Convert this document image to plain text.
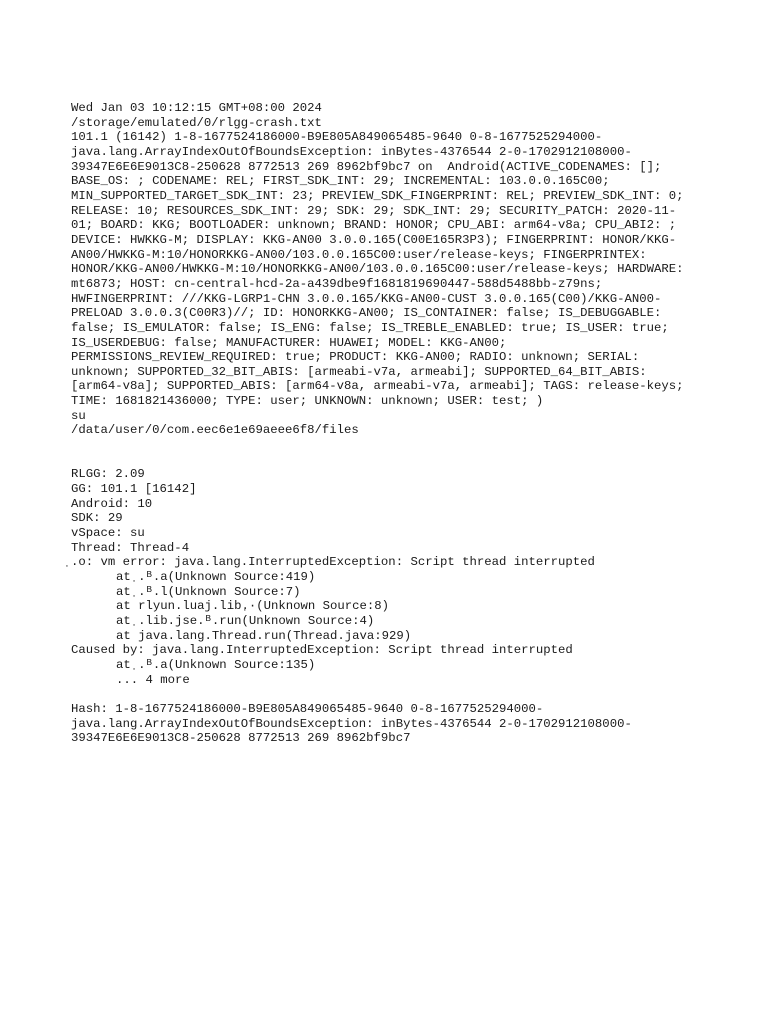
Wed Jan 03 10:12:15 GMT+08:00 2024
/storage/emulated/0/rlgg-crash.txt
101.1 (16142) 1-8-1677524186000-B9E805A849065485-9640 0-8-1677525294000-
java.lang.ArrayIndexOutOfBoundsException: inBytes-4376544 2-0-1702912108000-
39347E6E6E9013C8-250628 8772513 269 8962bf9bc7 on  Android(ACTIVE_CODENAMES: [];
BASE_OS: ; CODENAME: REL; FIRST_SDK_INT: 29; INCREMENTAL: 103.0.0.165C00;
MIN_SUPPORTED_TARGET_SDK_INT: 23; PREVIEW_SDK_FINGERPRINT: REL; PREVIEW_SDK_INT: 0;
RELEASE: 10; RESOURCES_SDK_INT: 29; SDK: 29; SDK_INT: 29; SECURITY_PATCH: 2020-11-
01; BOARD: KKG; BOOTLOADER: unknown; BRAND: HONOR; CPU_ABI: arm64-v8a; CPU_ABI2: ;
DEVICE: HWKKG-M; DISPLAY: KKG-AN00 3.0.0.165(C00E165R3P3); FINGERPRINT: HONOR/KKG-
AN00/HWKKG-M:10/HONORKKG-AN00/103.0.0.165C00:user/release-keys; FINGERPRINTEX:
HONOR/KKG-AN00/HWKKG-M:10/HONORKKG-AN00/103.0.0.165C00:user/release-keys; HARDWARE:
mt6873; HOST: cn-central-hcd-2a-a439dbe9f1681819690447-588d5488bb-z79ns;
HWFINGERPRINT: ///KKG-LGRP1-CHN 3.0.0.165/KKG-AN00-CUST 3.0.0.165(C00)/KKG-AN00-
PRELOAD 3.0.0.3(C00R3)//; ID: HONORKKG-AN00; IS_CONTAINER: false; IS_DEBUGGABLE:
false; IS_EMULATOR: false; IS_ENG: false; IS_TREBLE_ENABLED: true; IS_USER: true;
IS_USERDEBUG: false; MANUFACTURER: HUAWEI; MODEL: KKG-AN00;
PERMISSIONS_REVIEW_REQUIRED: true; PRODUCT: KKG-AN00; RADIO: unknown; SERIAL:
unknown; SUPPORTED_32_BIT_ABIS: [armeabi-v7a, armeabi]; SUPPORTED_64_BIT_ABIS:
[arm64-v8a]; SUPPORTED_ABIS: [arm64-v8a, armeabi-v7a, armeabi]; TAGS: release-keys;
TIME: 1681821436000; TYPE: user; UNKNOWN: unknown; USER: test; )
su
/data/user/0/com.eec6e1e69aeee6f8/files
RLGG: 2.09
GG: 101.1 [16142]
Android: 10
SDK: 29
vSpace: su
Thread: Thread-4
̣.o: vm error: java.lang.InterruptedException: Script thread interrupted
at ̣.ᴮ.a(Unknown Source:419)
at ̣.ᴮ.l(Unknown Source:7)
at rlyun.luaj.lib.̣·(Unknown Source:8)
at ̣.lib.jse.ᴮ.run(Unknown Source:4)
at java.lang.Thread.run(Thread.java:929)
Caused by: java.lang.InterruptedException: Script thread interrupted
at ̣.ᴮ.a(Unknown Source:135)
... 4 more
Hash: 1-8-1677524186000-B9E805A849065485-9640 0-8-1677525294000-
java.lang.ArrayIndexOutOfBoundsException: inBytes-4376544 2-0-1702912108000-
39347E6E6E9013C8-250628 8772513 269 8962bf9bc7
